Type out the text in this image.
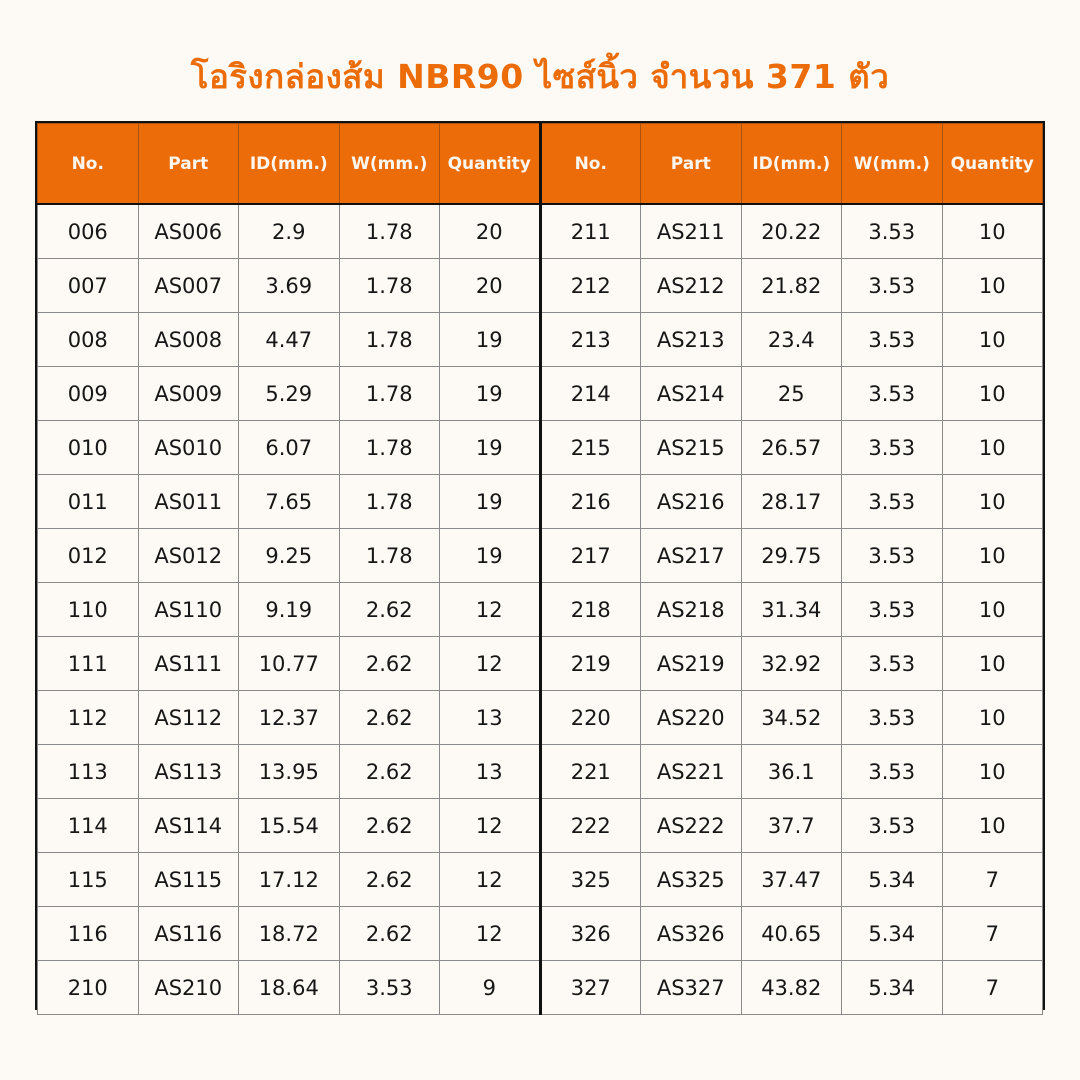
โอริงกล่องส้ม NBR90 ไซส์นิ้ว จำนวน 371 ตัว
No.	Part	ID(mm.)	W(mm.)	Quantity	No.	Part	ID(mm.)	W(mm.)	Quantity
006	AS006	2.9	1.78	20	211	AS211	20.22	3.53	10
007	AS007	3.69	1.78	20	212	AS212	21.82	3.53	10
008	AS008	4.47	1.78	19	213	AS213	23.4	3.53	10
009	AS009	5.29	1.78	19	214	AS214	25	3.53	10
010	AS010	6.07	1.78	19	215	AS215	26.57	3.53	10
011	AS011	7.65	1.78	19	216	AS216	28.17	3.53	10
012	AS012	9.25	1.78	19	217	AS217	29.75	3.53	10
110	AS110	9.19	2.62	12	218	AS218	31.34	3.53	10
111	AS111	10.77	2.62	12	219	AS219	32.92	3.53	10
112	AS112	12.37	2.62	13	220	AS220	34.52	3.53	10
113	AS113	13.95	2.62	13	221	AS221	36.1	3.53	10
114	AS114	15.54	2.62	12	222	AS222	37.7	3.53	10
115	AS115	17.12	2.62	12	325	AS325	37.47	5.34	7
116	AS116	18.72	2.62	12	326	AS326	40.65	5.34	7
210	AS210	18.64	3.53	9	327	AS327	43.82	5.34	7
